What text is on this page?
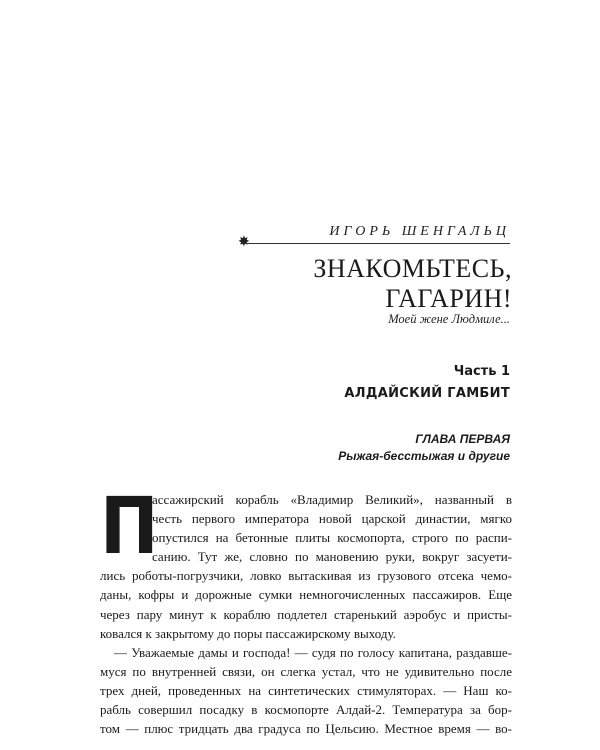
ИГОРЬ ШЕНГАЛЬЦ
✸
ЗНАКОМЬТЕСЬ, ГАГАРИН!
Моей жене Людмиле...
Часть 1
АЛДАЙСКИЙ ГАМБИТ
ГЛАВА ПЕРВАЯ
Рыжая-бесстыжая и другие
П
ассажирский корабль «Владимир Великий», названный в
честь первого императора новой царской династии, мягко
опустился на бетонные плиты космопорта, строго по распи-
санию. Тут же, словно по мановению руки, вокруг засуети-
лись роботы-погрузчики, ловко вытаскивая из грузового отсека чемо-
даны, кофры и дорожные сумки немногочисленных пассажиров. Еще
через пару минут к кораблю подлетел старенький аэробус и присты-
ковался к закрытому до поры пассажирскому выходу.
— Уважаемые дамы и господа! — судя по голосу капитана, раздавше-
муся по внутренней связи, он слегка устал, что не удивительно после
трех дней, проведенных на синтетических стимуляторах. — Наш ко-
рабль совершил посадку в космопорте Алдай-2. Температура за бор-
том — плюс тридцать два градуса по Цельсию. Местное время — во-
